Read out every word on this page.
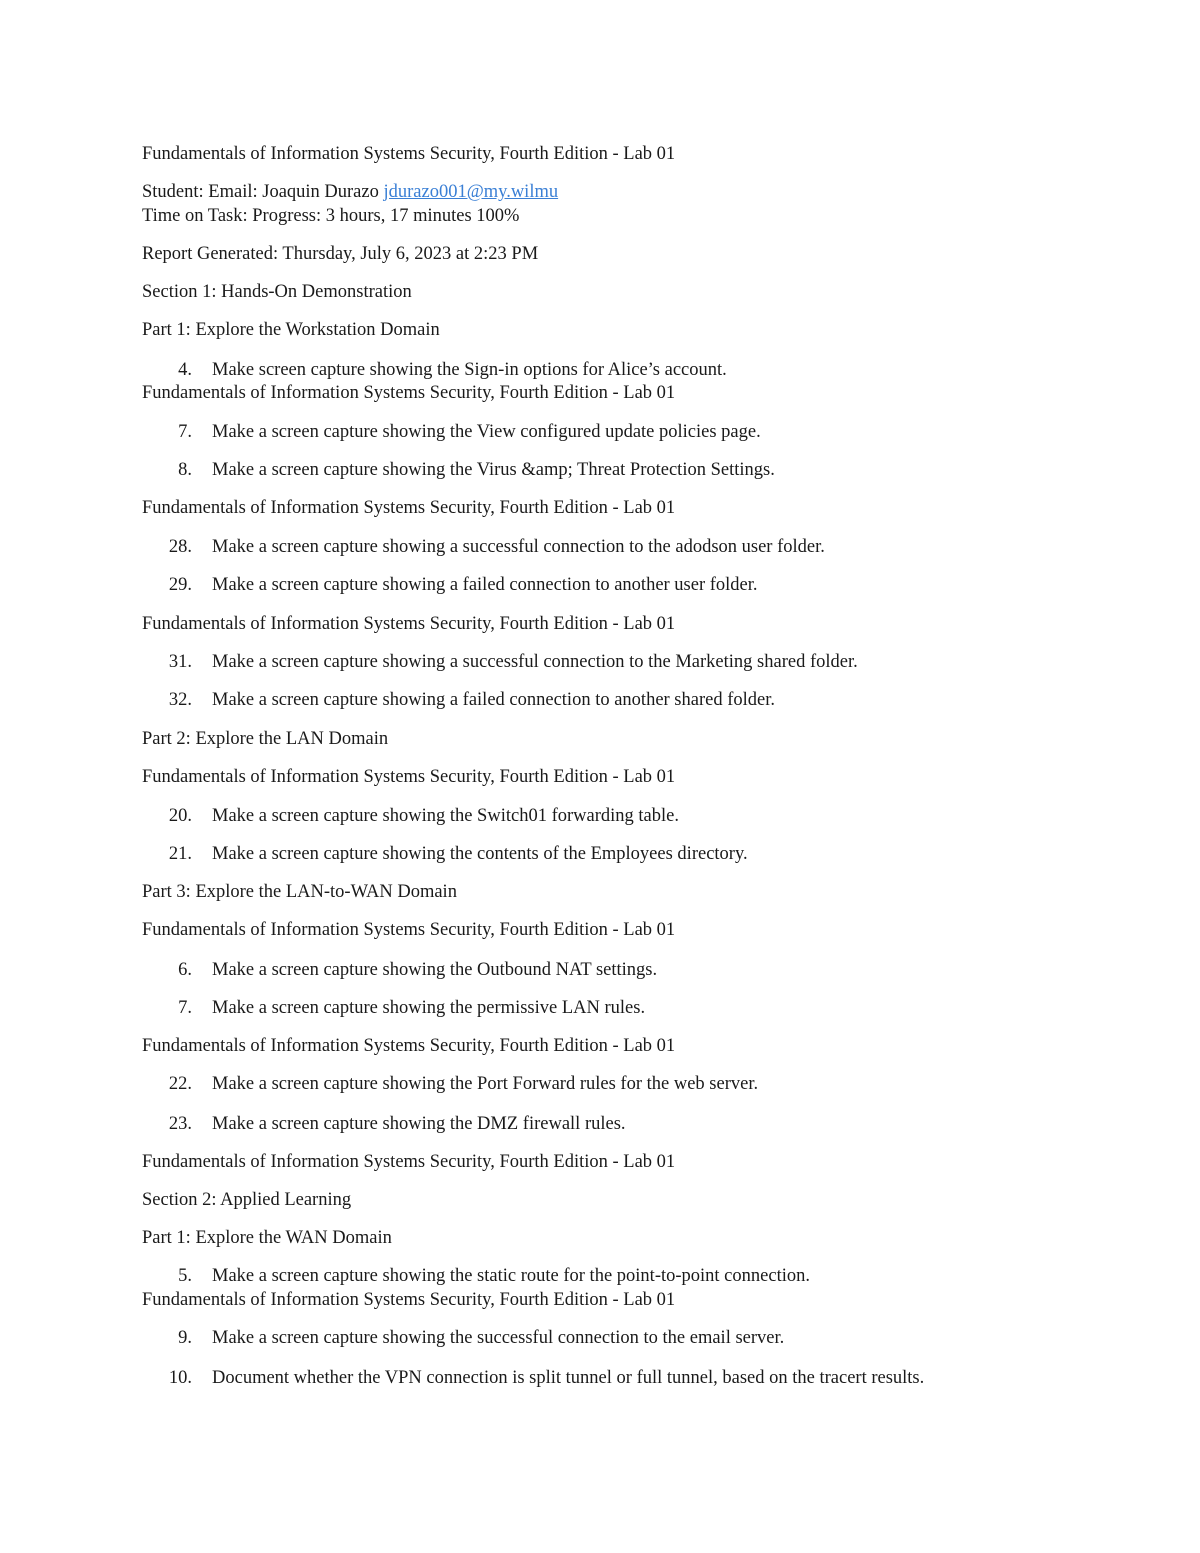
Fundamentals of Information Systems Security, Fourth Edition - Lab 01
Student: Email: Joaquin Durazo jdurazo001@my.wilmu
Time on Task: Progress: 3 hours, 17 minutes 100%
Report Generated: Thursday, July 6, 2023 at 2:23 PM
Section 1: Hands-On Demonstration
Part 1: Explore the Workstation Domain
4. Make screen capture showing the Sign-in options for Alice’s account.
Fundamentals of Information Systems Security, Fourth Edition - Lab 01
7. Make a screen capture showing the View configured update policies page.
8. Make a screen capture showing the Virus &amp; Threat Protection Settings.
Fundamentals of Information Systems Security, Fourth Edition - Lab 01
28. Make a screen capture showing a successful connection to the adodson user folder.
29. Make a screen capture showing a failed connection to another user folder.
Fundamentals of Information Systems Security, Fourth Edition - Lab 01
31. Make a screen capture showing a successful connection to the Marketing shared folder.
32. Make a screen capture showing a failed connection to another shared folder.
Part 2: Explore the LAN Domain
Fundamentals of Information Systems Security, Fourth Edition - Lab 01
20. Make a screen capture showing the Switch01 forwarding table.
21. Make a screen capture showing the contents of the Employees directory.
Part 3: Explore the LAN-to-WAN Domain
Fundamentals of Information Systems Security, Fourth Edition - Lab 01
6. Make a screen capture showing the Outbound NAT settings.
7. Make a screen capture showing the permissive LAN rules.
Fundamentals of Information Systems Security, Fourth Edition - Lab 01
22. Make a screen capture showing the Port Forward rules for the web server.
23. Make a screen capture showing the DMZ firewall rules.
Fundamentals of Information Systems Security, Fourth Edition - Lab 01
Section 2: Applied Learning
Part 1: Explore the WAN Domain
5. Make a screen capture showing the static route for the point-to-point connection.
Fundamentals of Information Systems Security, Fourth Edition - Lab 01
9. Make a screen capture showing the successful connection to the email server.
10. Document whether the VPN connection is split tunnel or full tunnel, based on the tracert results.
